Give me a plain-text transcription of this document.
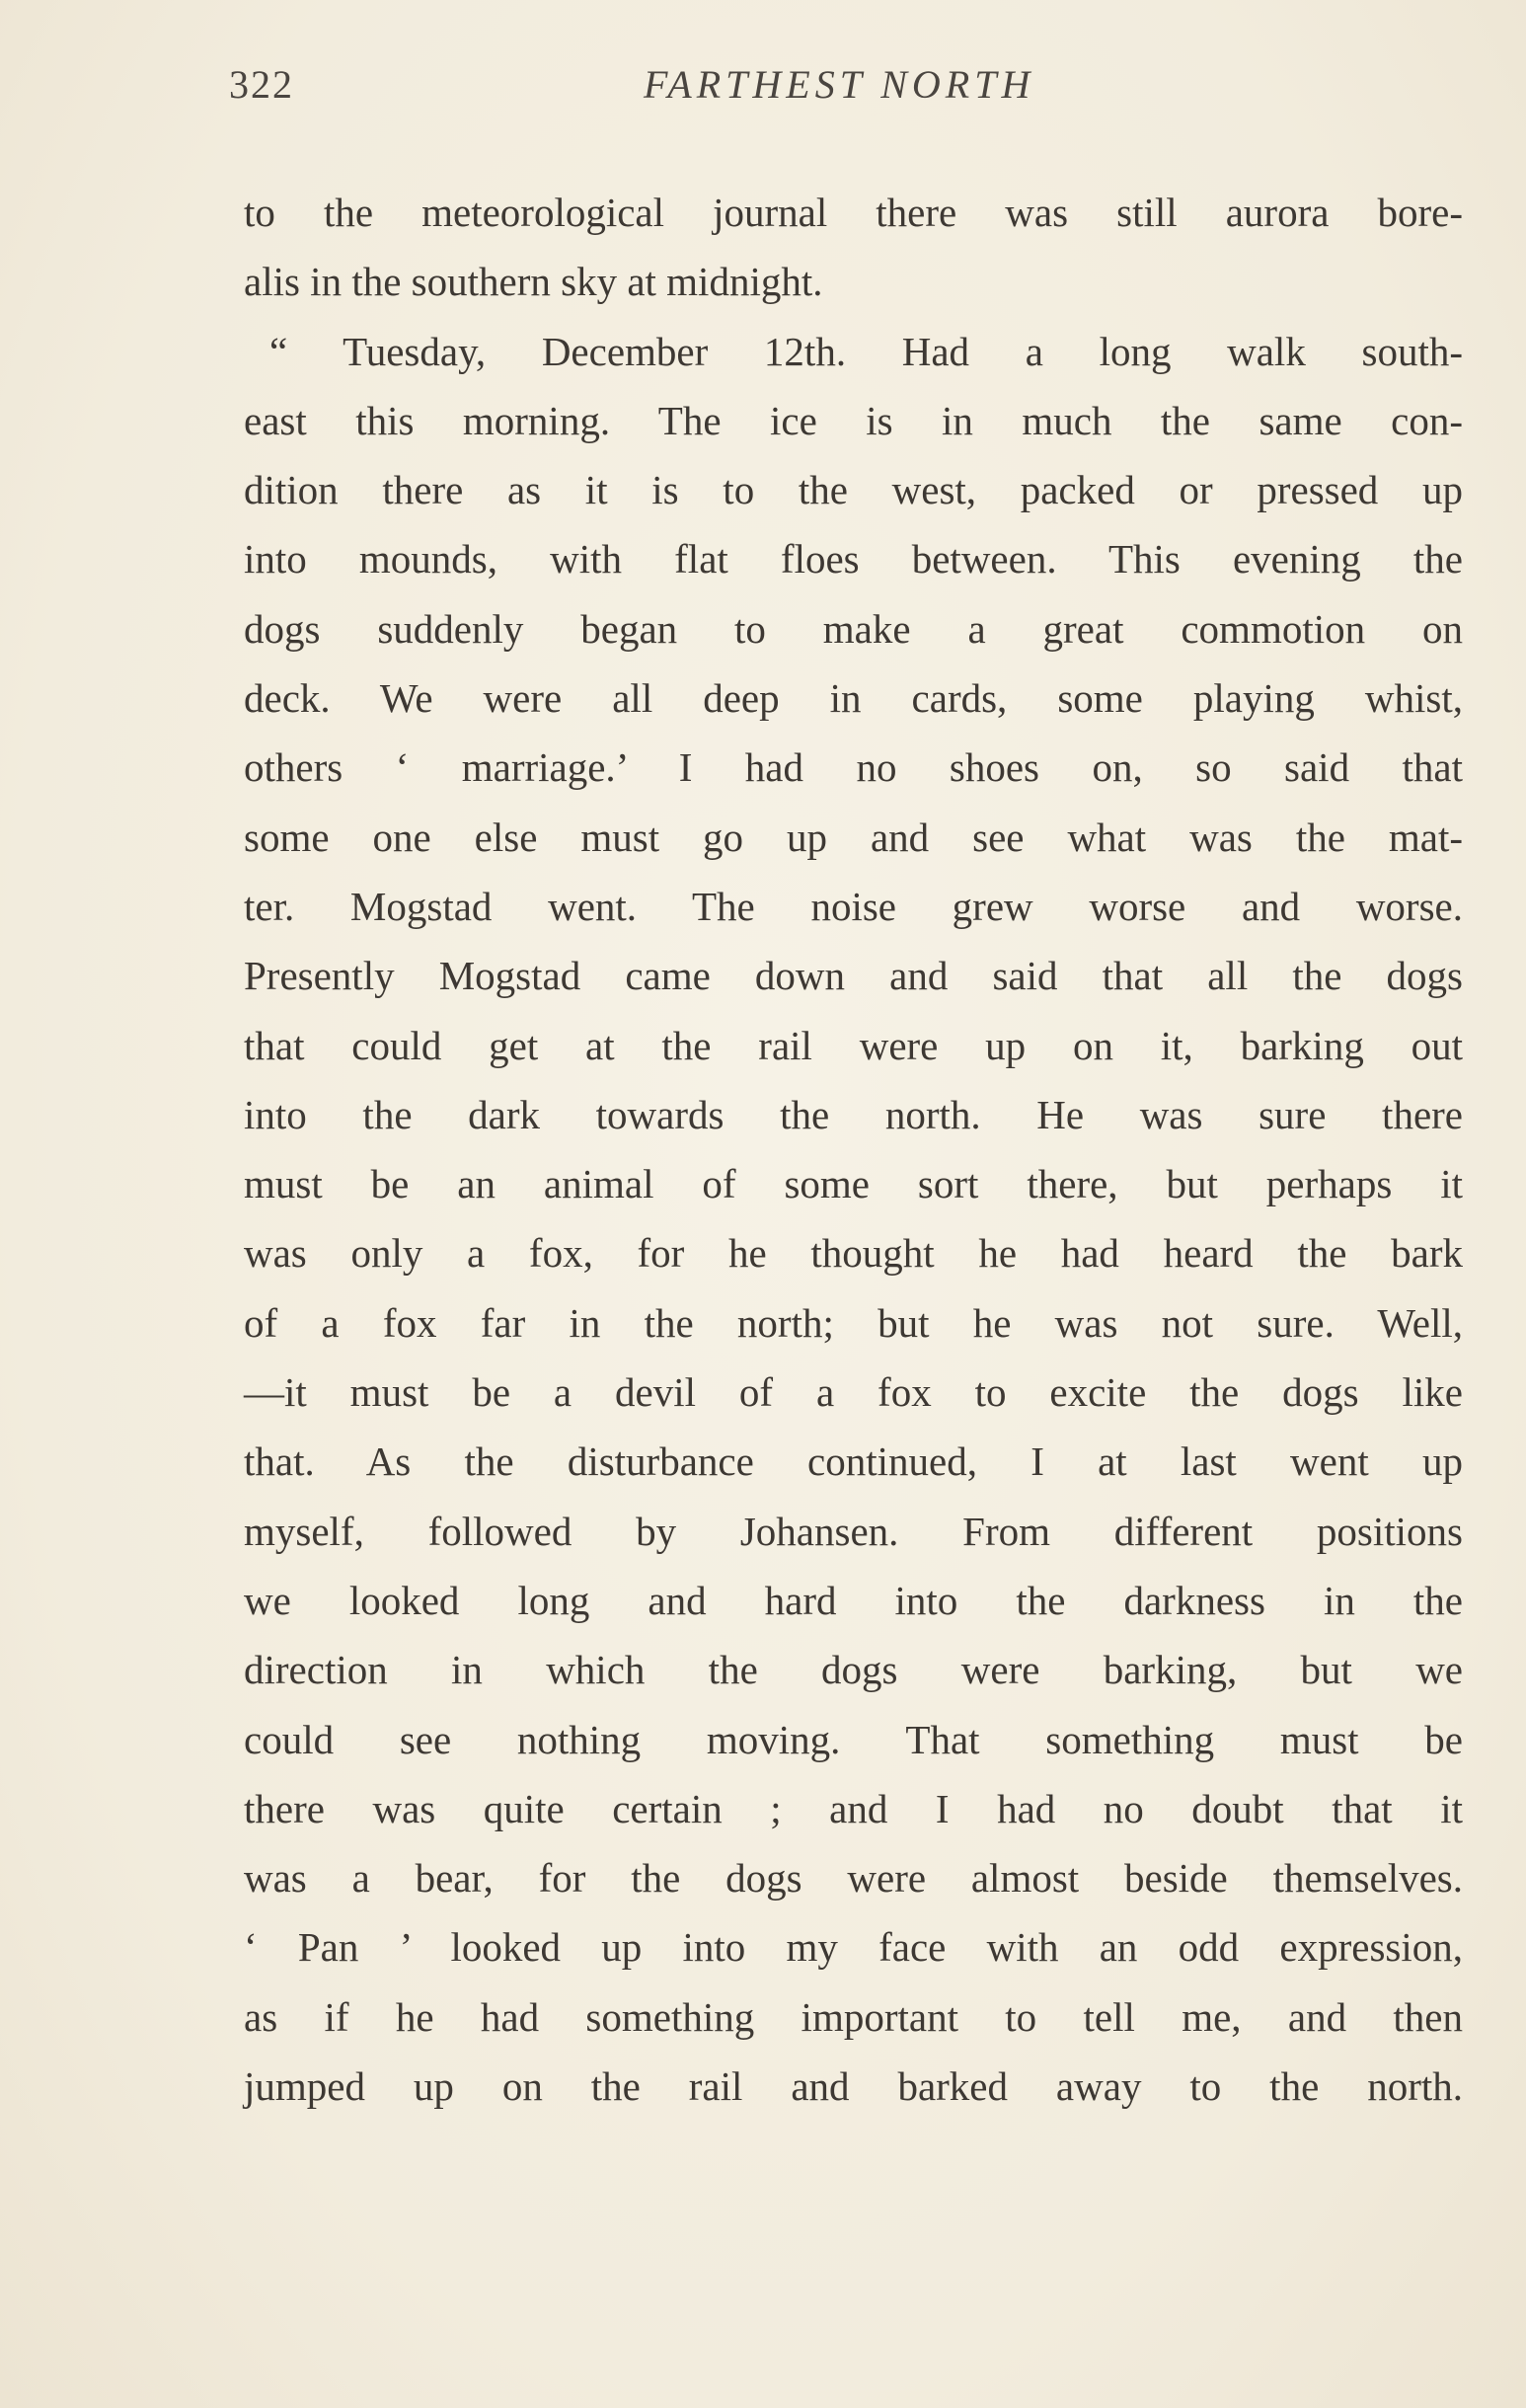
322	FARTHEST NORTH
to the meteorological journal there was still aurora bore-
alis in the southern sky at midnight.
“ Tuesday, December 12th. Had a long walk south-
east this morning. The ice is in much the same con-
dition there as it is to the west, packed or pressed up
into mounds, with flat floes between. This evening the
dogs suddenly began to make a great commotion on
deck. We were all deep in cards, some playing whist,
others ‘ marriage.’ I had no shoes on, so said that
some one else must go up and see what was the mat-
ter. Mogstad went. The noise grew worse and worse.
Presently Mogstad came down and said that all the dogs
that could get at the rail were up on it, barking out
into the dark towards the north. He was sure there
must be an animal of some sort there, but perhaps it
was only a fox, for he thought he had heard the bark
of a fox far in the north; but he was not sure. Well,
—it must be a devil of a fox to excite the dogs like
that. As the disturbance continued, I at last went up
myself, followed by Johansen. From different positions
we looked long and hard into the darkness in the
direction in which the dogs were barking, but we
could see nothing moving. That something must be
there was quite certain ; and I had no doubt that it
was a bear, for the dogs were almost beside themselves.
‘ Pan ’ looked up into my face with an odd expression,
as if he had something important to tell me, and then
jumped up on the rail and barked away to the north.
